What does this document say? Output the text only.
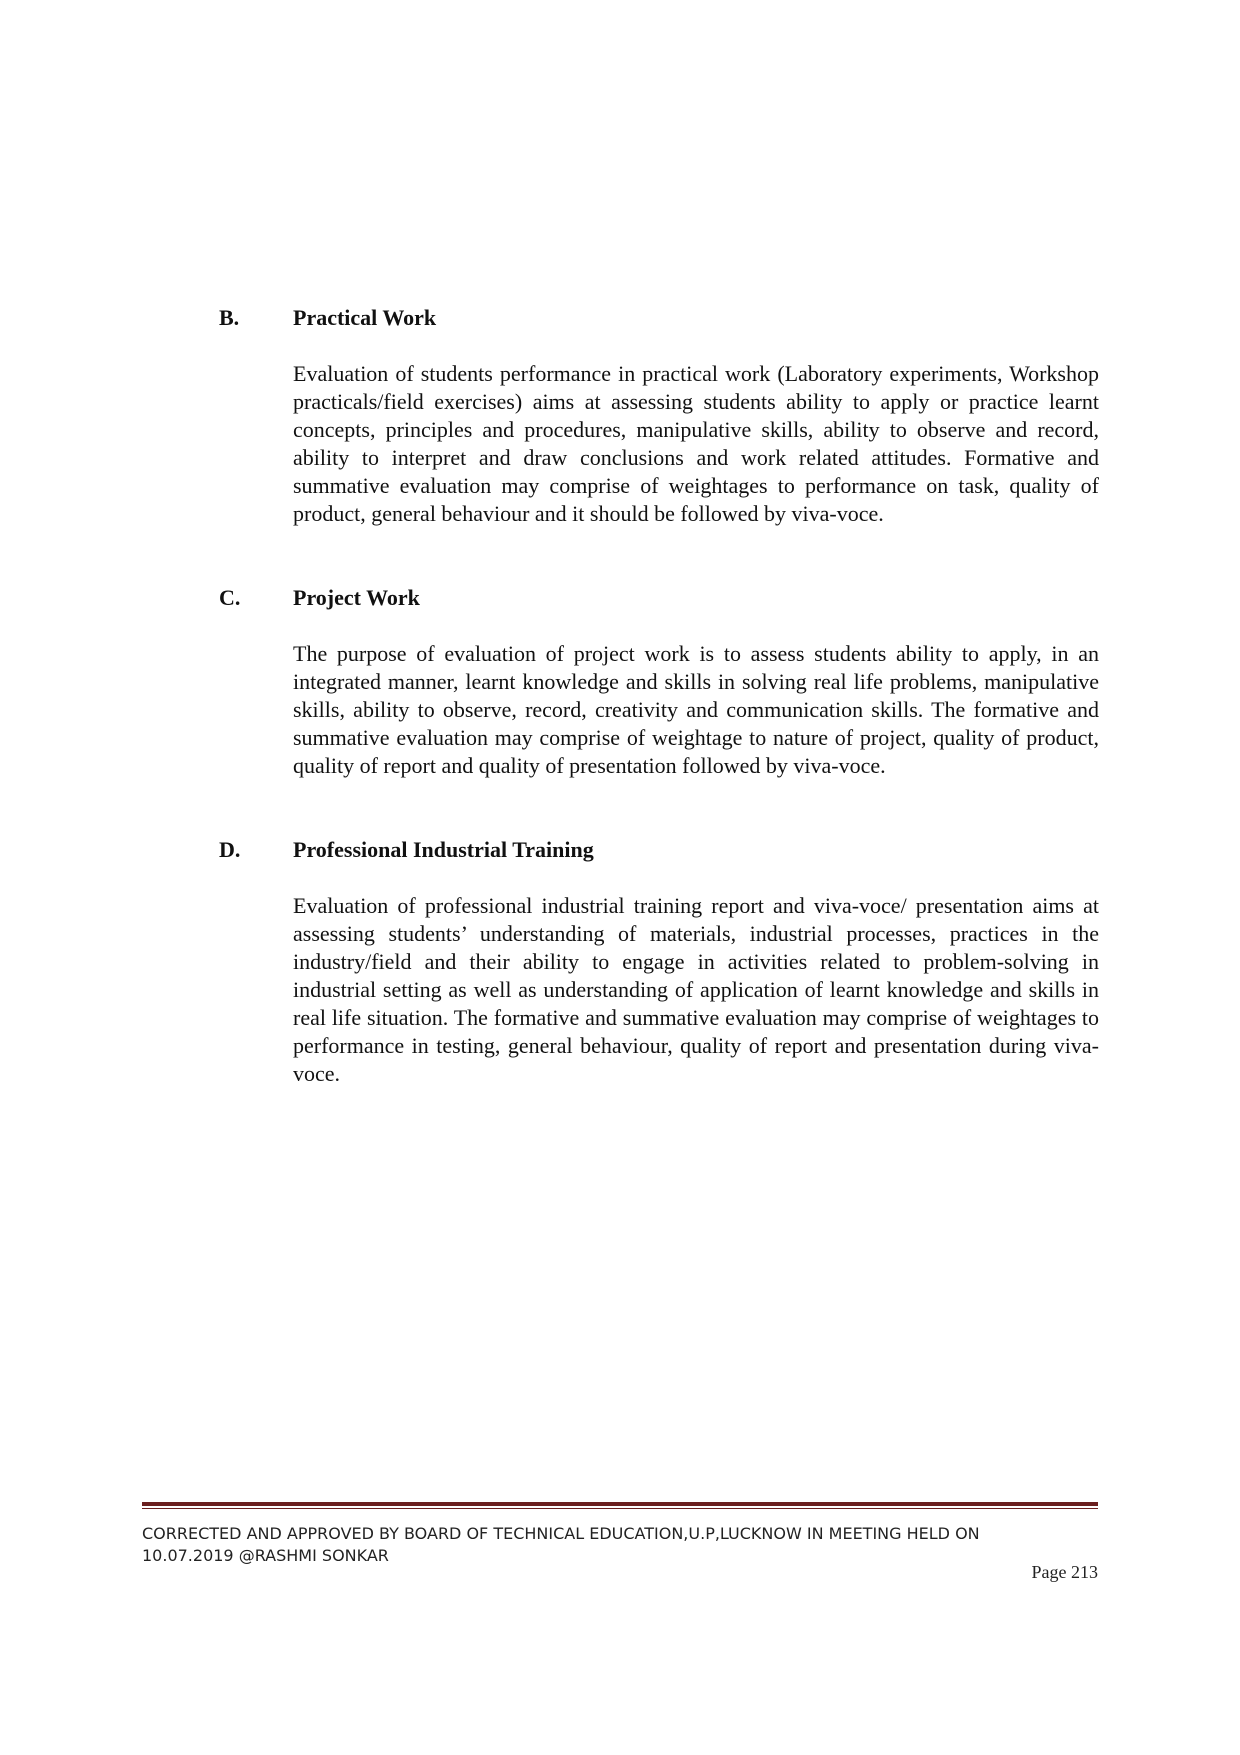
B.	Practical Work
Evaluation of students performance in practical work (Laboratory experiments, Workshop practicals/field exercises) aims at assessing students ability to apply or practice learnt concepts, principles and procedures, manipulative skills, ability to observe and record, ability to interpret and draw conclusions and work related attitudes. Formative and summative evaluation may comprise of weightages to performance on task, quality of product, general behaviour and it should be followed by viva-voce.
C.	Project Work
The purpose of evaluation of project work is to assess students ability to apply, in an integrated manner, learnt knowledge and skills in solving real life problems, manipulative skills, ability to observe, record, creativity and communication skills. The formative and summative evaluation may comprise of weightage to nature of project, quality of product, quality of report and quality of presentation followed by viva-voce.
D.	Professional Industrial Training
Evaluation of professional industrial training report and viva-voce/ presentation aims at assessing students’ understanding of materials, industrial processes, practices in the industry/field and their ability to engage in activities related to problem-solving in industrial setting as well as understanding of application of learnt knowledge and skills in real life situation. The formative and summative evaluation may comprise of weightages to performance in testing, general behaviour, quality of report and presentation during viva-voce.
CORRECTED AND APPROVED BY BOARD OF TECHNICAL EDUCATION,U.P,LUCKNOW IN MEETING HELD ON
10.07.2019 @RASHMI SONKAR
Page 213
